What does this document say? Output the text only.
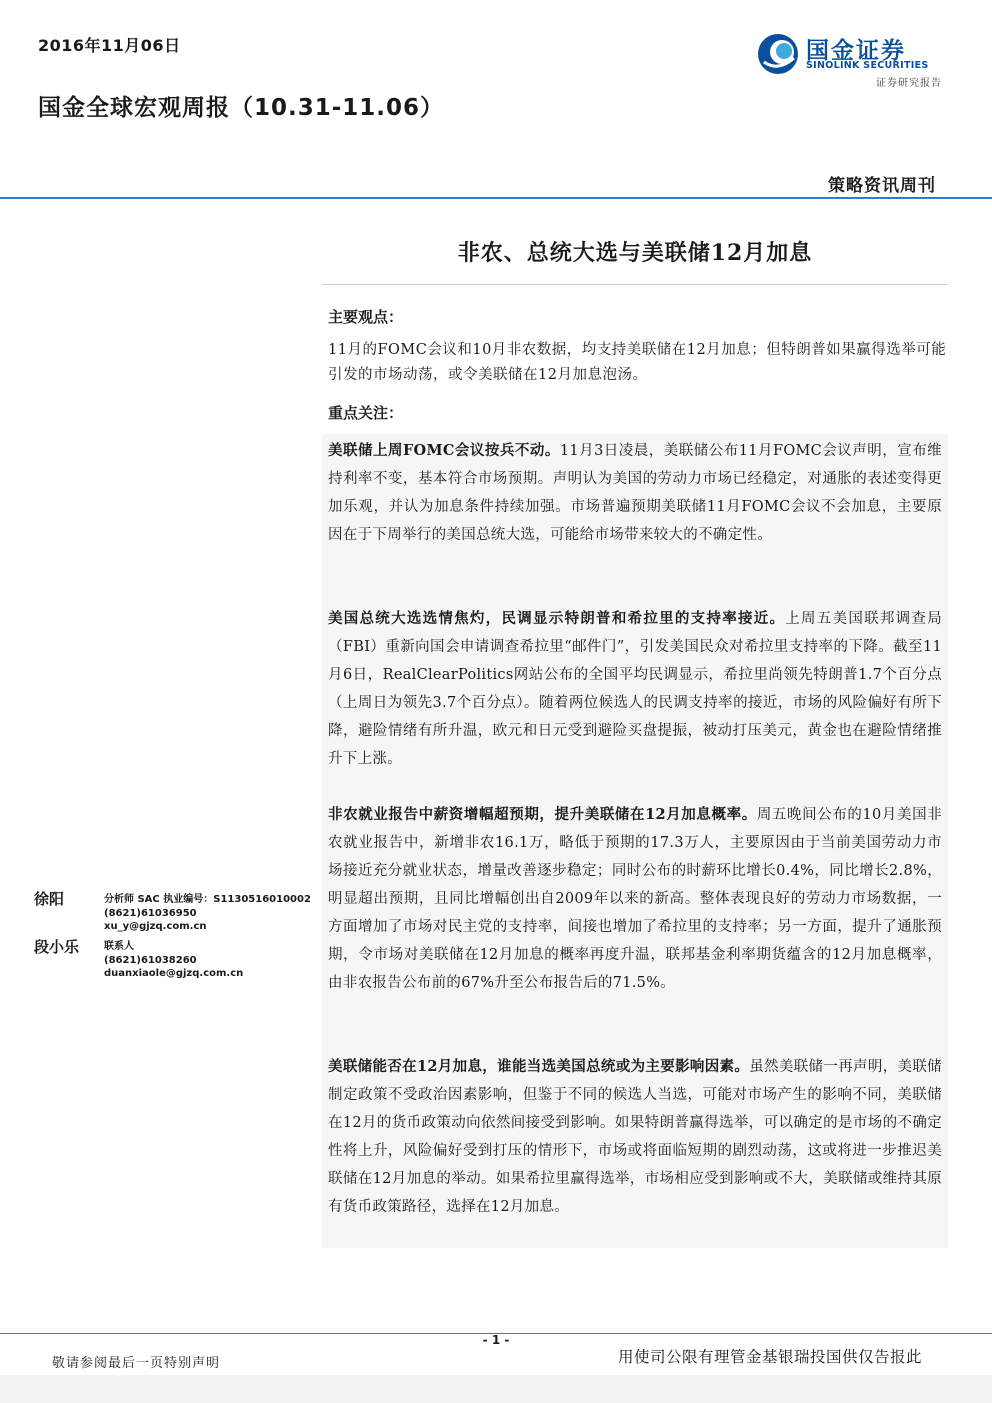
2016年11月06日
国金全球宏观周报（10.31-11.06）
国金证券
SINOLINK SECURITIES
证券研究报告
策略资讯周刊
非农、总统大选与美联储12月加息
主要观点：
11月的FOMC会议和10月非农数据，均支持美联储在12月加息；但特朗普如果赢得选举可能引发的市场动荡，或令美联储在12月加息泡汤。
重点关注：
美联储上周FOMC会议按兵不动。11月3日凌晨，美联储公布11月FOMC会议声明，宣布维持利率不变，基本符合市场预期。声明认为美国的劳动力市场已经稳定，对通胀的表述变得更加乐观，并认为加息条件持续加强。市场普遍预期美联储11月FOMC会议不会加息，主要原因在于下周举行的美国总统大选，可能给市场带来较大的不确定性。
美国总统大选选情焦灼，民调显示特朗普和希拉里的支持率接近。上周五美国联邦调查局（FBI）重新向国会申请调查希拉里“邮件门”，引发美国民众对希拉里支持率的下降。截至11月6日，RealClearPolitics网站公布的全国平均民调显示，希拉里尚领先特朗普1.7个百分点（上周日为领先3.7个百分点）。随着两位候选人的民调支持率的接近，市场的风险偏好有所下降，避险情绪有所升温，欧元和日元受到避险买盘提振，被动打压美元，黄金也在避险情绪推升下上涨。
非农就业报告中薪资增幅超预期，提升美联储在12月加息概率。周五晚间公布的10月美国非农就业报告中，新增非农16.1万，略低于预期的17.3万人，主要原因由于当前美国劳动力市场接近充分就业状态，增量改善逐步稳定；同时公布的时薪环比增长0.4%，同比增长2.8%，明显超出预期，且同比增幅创出自2009年以来的新高。整体表现良好的劳动力市场数据，一方面增加了市场对民主党的支持率，间接也增加了希拉里的支持率；另一方面，提升了通胀预期，令市场对美联储在12月加息的概率再度升温，联邦基金利率期货蕴含的12月加息概率，由非农报告公布前的67%升至公布报告后的71.5%。
美联储能否在12月加息，谁能当选美国总统或为主要影响因素。虽然美联储一再声明，美联储制定政策不受政治因素影响，但鉴于不同的候选人当选，可能对市场产生的影响不同，美联储在12月的货币政策动向依然间接受到影响。如果特朗普赢得选举，可以确定的是市场的不确定性将上升，风险偏好受到打压的情形下，市场或将面临短期的剧烈动荡，这或将进一步推迟美联储在12月加息的举动。如果希拉里赢得选举，市场相应受到影响或不大，美联储或维持其原有货币政策路径，选择在12月加息。
徐阳	分析师 SAC 执业编号：S1130516010002
(8621)61036950
xu_y@gjzq.com.cn
段小乐 联系人
(8621)61038260
duanxiaole@gjzq.com.cn
- 1 -
敬请参阅最后一页特别声明	用使司公限有理管金基银瑞投国供仅告报此
